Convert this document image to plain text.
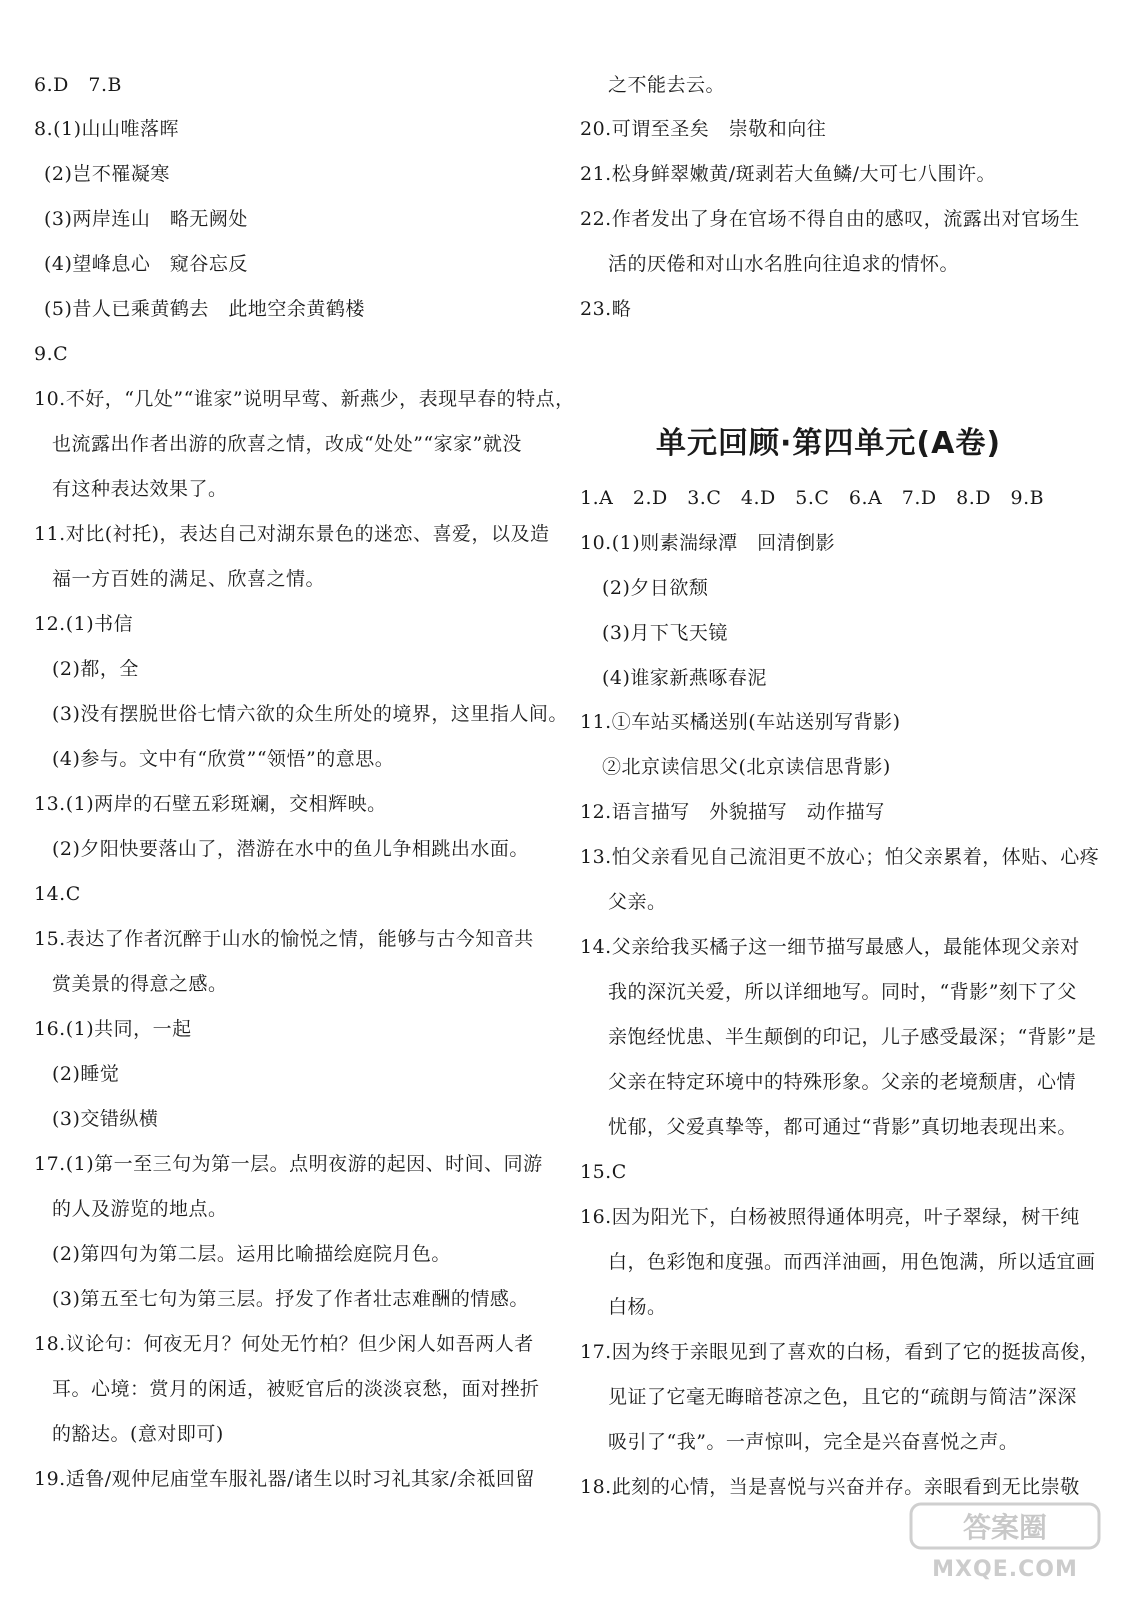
6.D　7.B
8.(1)山山唯落晖
(2)岂不罹凝寒
(3)两岸连山　略无阙处
(4)望峰息心　窥谷忘反
(5)昔人已乘黄鹤去　此地空余黄鹤楼
9.C
10.不好，“几处”“谁家”说明早莺、新燕少，表现早春的特点，
也流露出作者出游的欣喜之情，改成“处处”“家家”就没
有这种表达效果了。
11.对比(衬托)，表达自己对湖东景色的迷恋、喜爱，以及造
福一方百姓的满足、欣喜之情。
12.(1)书信
(2)都，全
(3)没有摆脱世俗七情六欲的众生所处的境界，这里指人间。
(4)参与。文中有“欣赏”“领悟”的意思。
13.(1)两岸的石壁五彩斑斓，交相辉映。
(2)夕阳快要落山了，潜游在水中的鱼儿争相跳出水面。
14.C
15.表达了作者沉醉于山水的愉悦之情，能够与古今知音共
赏美景的得意之感。
16.(1)共同，一起
(2)睡觉
(3)交错纵横
17.(1)第一至三句为第一层。点明夜游的起因、时间、同游
的人及游览的地点。
(2)第四句为第二层。运用比喻描绘庭院月色。
(3)第五至七句为第三层。抒发了作者壮志难酬的情感。
18.议论句：何夜无月？何处无竹柏？但少闲人如吾两人者
耳。心境：赏月的闲适，被贬官后的淡淡哀愁，面对挫折
的豁达。(意对即可)
19.适鲁/观仲尼庙堂车服礼器/诸生以时习礼其家/余祗回留
之不能去云。
20.可谓至圣矣　崇敬和向往
21.松身鲜翠嫩黄/斑剥若大鱼鳞/大可七八围许。
22.作者发出了身在官场不得自由的感叹，流露出对官场生
活的厌倦和对山水名胜向往追求的情怀。
23.略
单元回顾·第四单元(A卷)
1.A　2.D　3.C　4.D　5.C　6.A　7.D　8.D　9.B
10.(1)则素湍绿潭　回清倒影
(2)夕日欲颓
(3)月下飞天镜
(4)谁家新燕啄春泥
11.①车站买橘送别(车站送别写背影)
②北京读信思父(北京读信思背影)
12.语言描写　外貌描写　动作描写
13.怕父亲看见自己流泪更不放心；怕父亲累着，体贴、心疼
父亲。
14.父亲给我买橘子这一细节描写最感人，最能体现父亲对
我的深沉关爱，所以详细地写。同时，“背影”刻下了父
亲饱经忧患、半生颠倒的印记，儿子感受最深；“背影”是
父亲在特定环境中的特殊形象。父亲的老境颓唐，心情
忧郁，父爱真挚等，都可通过“背影”真切地表现出来。
15.C
16.因为阳光下，白杨被照得通体明亮，叶子翠绿，树干纯
白，色彩饱和度强。而西洋油画，用色饱满，所以适宜画
白杨。
17.因为终于亲眼见到了喜欢的白杨，看到了它的挺拔高俊，
见证了它毫无晦暗苍凉之色，且它的“疏朗与简洁”深深
吸引了“我”。一声惊叫，完全是兴奋喜悦之声。
18.此刻的心情，当是喜悦与兴奋并存。亲眼看到无比崇敬
答案圈
MXQE.COM
